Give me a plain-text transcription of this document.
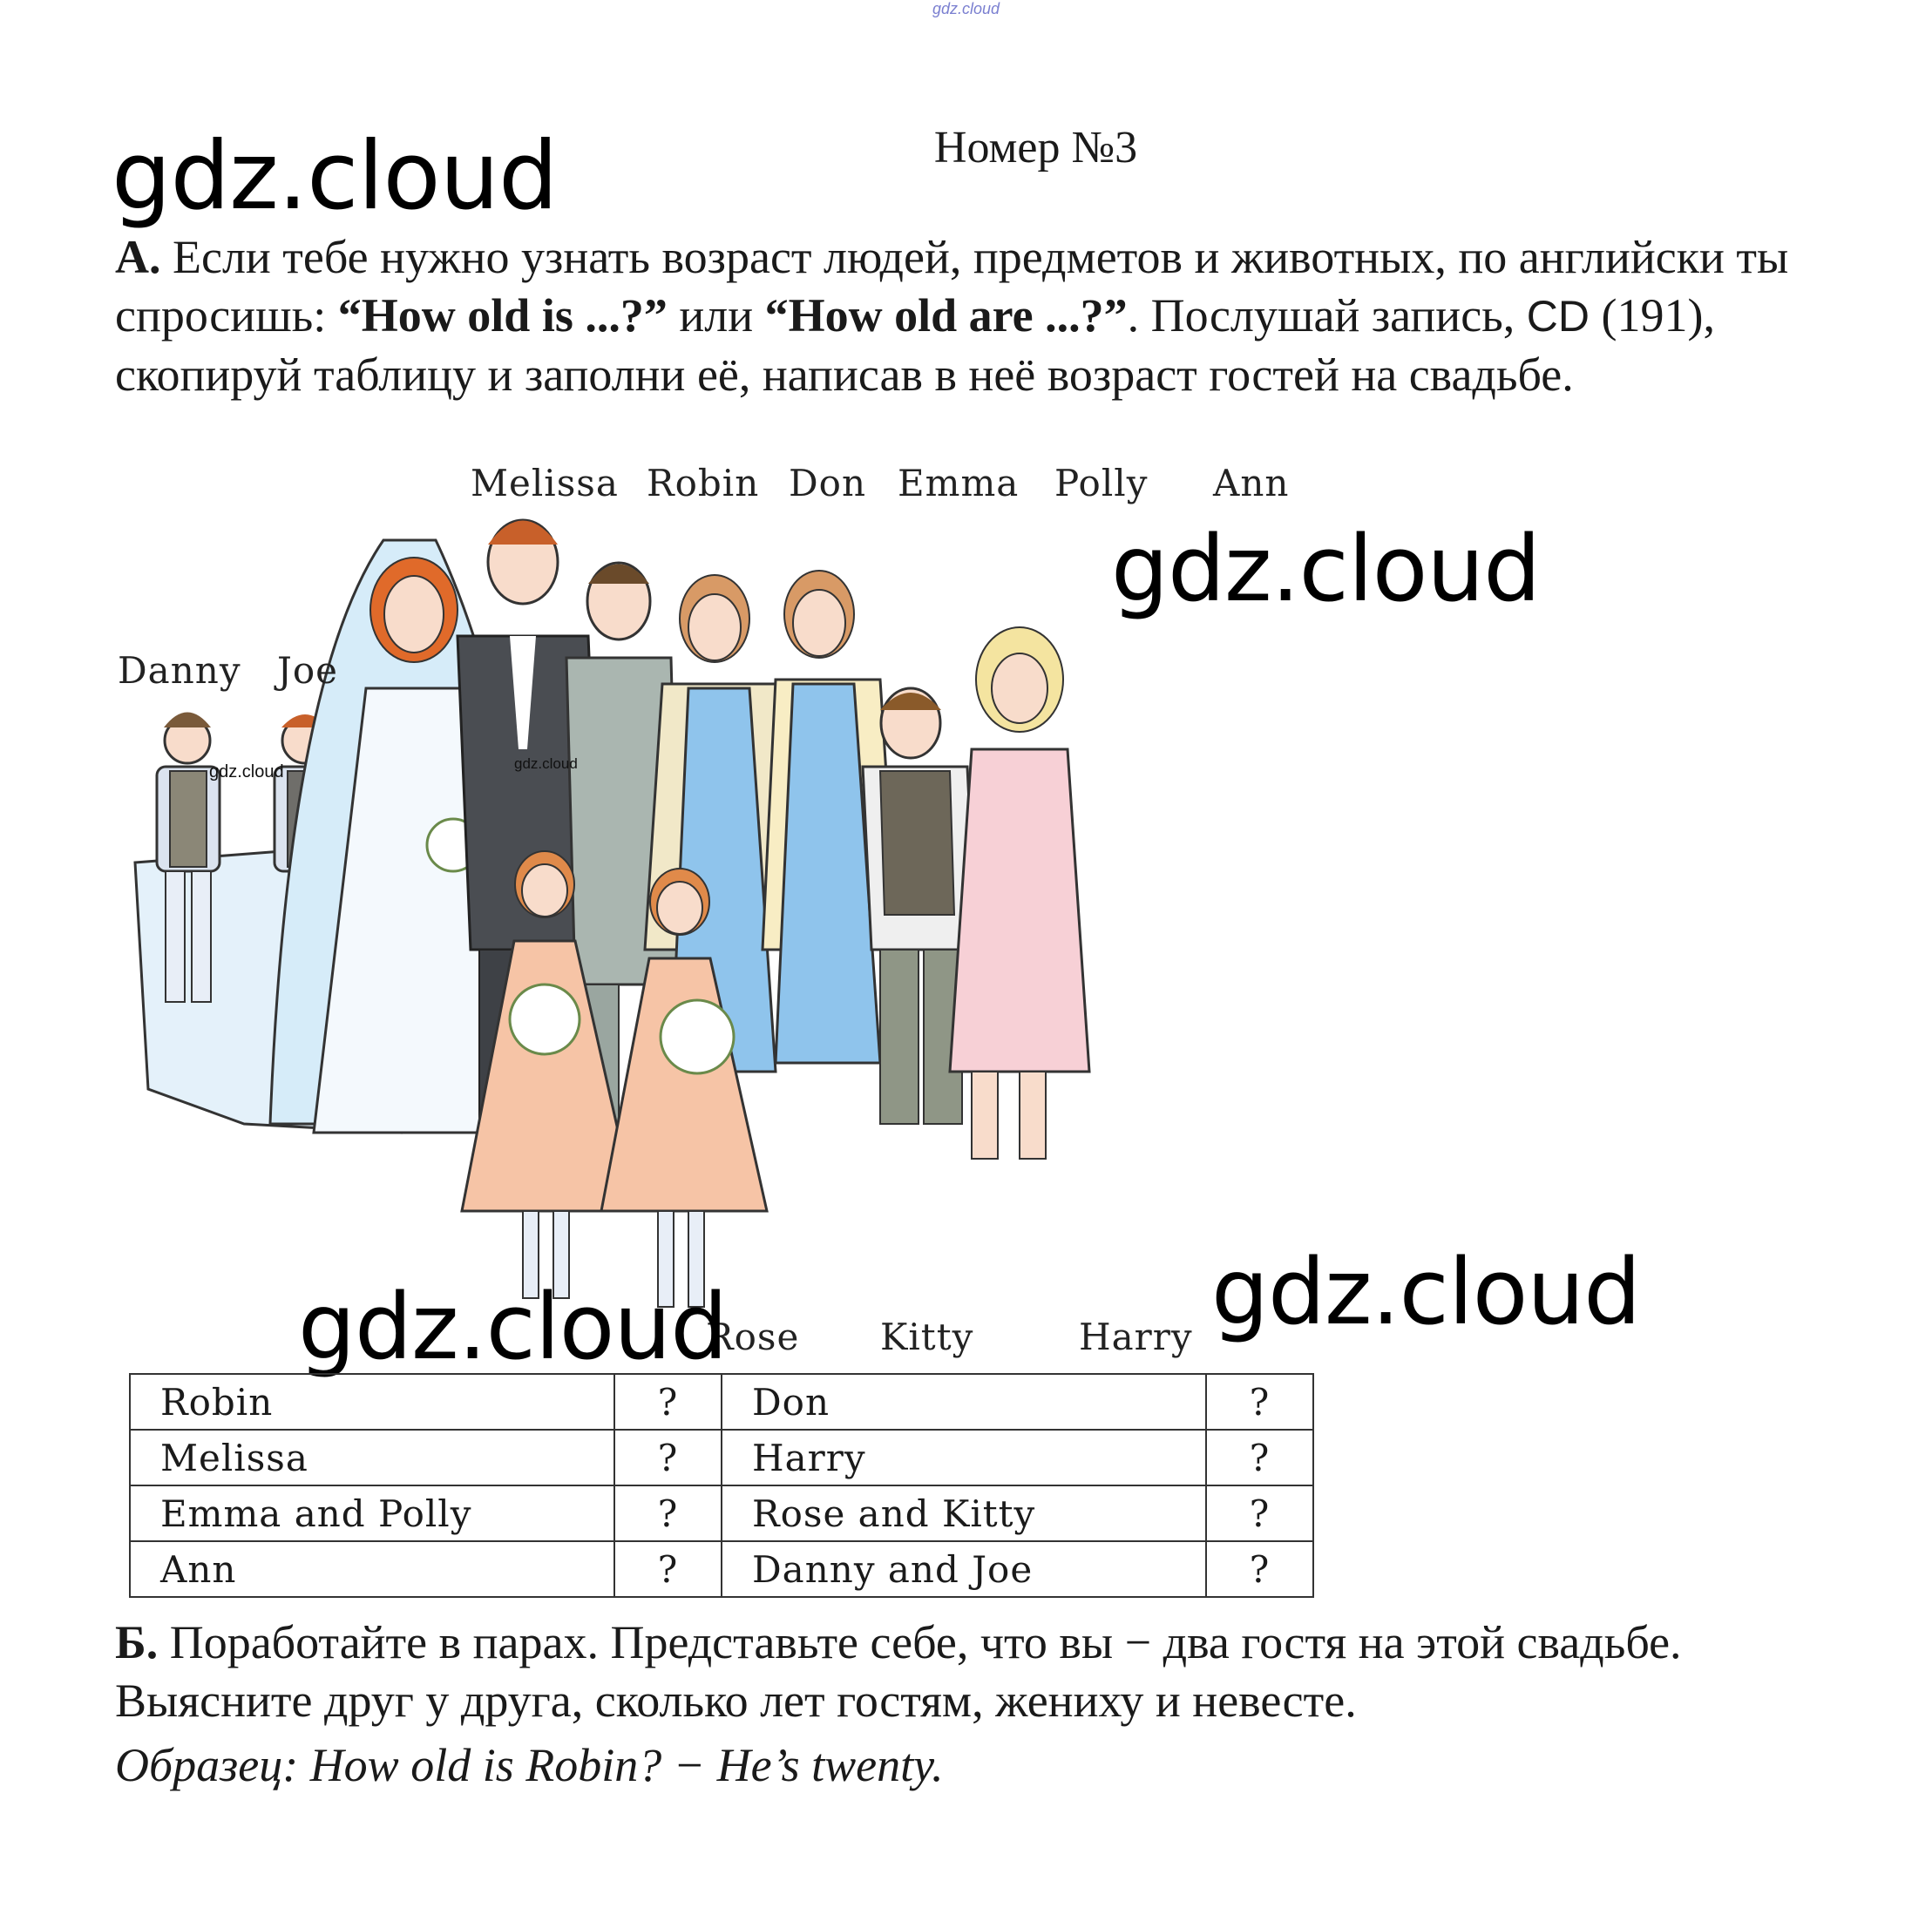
gdz.cloud
Номер №3
А. Если тебе нужно узнать возраст людей, предметов и животных, по английски ты спросишь: “How old is ...?” или “How old are ...?”. Послушай запись, CD (191), скопируй таблицу и заполни её, написав в неё возраст гостей на свадьбе.
Melissa Robin Don Emma Polly Ann
Danny Joe
Rose Kitty	Harry
gdz.cloud	gdz.cloud
gdz.cloud
gdz.cloud
gdz.cloud
gdz.cloud
Robin	?	Don	?
Melissa	?	Harry	?
Emma and Polly	?	Rose and Kitty	?
Ann	?	Danny and Joe	?
Б. Поработайте в парах. Представьте себе, что вы − два гостя на этой свадьбе. Выясните друг у друга, сколько лет гостям, жениху и невесте.
Образец: How old is Robin? − He’s twenty.
